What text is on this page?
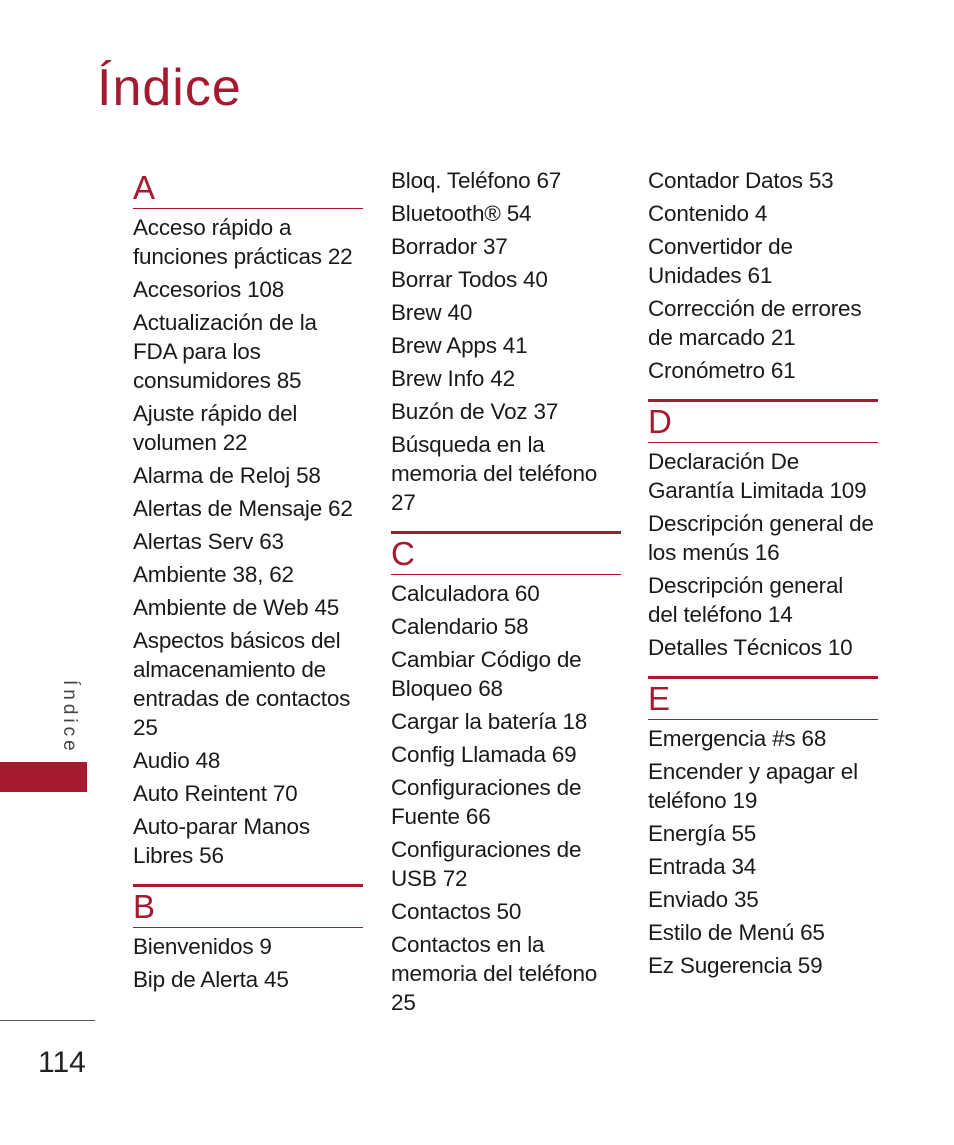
Índice
A
Acceso rápido a funciones prácticas 22
Accesorios 108
Actualización de la FDA para los consumidores 85
Ajuste rápido del volumen 22
Alarma de Reloj 58
Alertas de Mensaje 62
Alertas Serv 63
Ambiente 38, 62
Ambiente de Web 45
Aspectos básicos del almacenamiento de entradas de contactos 25
Audio 48
Auto Reintent 70
Auto-parar Manos Libres 56
B
Bienvenidos 9
Bip de Alerta 45
Bloq. Teléfono 67
Bluetooth® 54
Borrador 37
Borrar Todos 40
Brew 40
Brew Apps 41
Brew Info 42
Buzón de Voz 37
Búsqueda en la memoria del teléfono 27
C
Calculadora 60
Calendario 58
Cambiar Código de Bloqueo 68
Cargar la batería 18
Config Llamada 69
Configuraciones de Fuente 66
Configuraciones de USB 72
Contactos 50
Contactos en la memoria del teléfono 25
Contador Datos 53
Contenido 4
Convertidor de Unidades 61
Corrección de errores de marcado 21
Cronómetro 61
D
Declaración De Garantía Limitada 109
Descripción general de los menús 16
Descripción general del teléfono 14
Detalles Técnicos 10
E
Emergencia #s 68
Encender y apagar el teléfono 19
Energía 55
Entrada 34
Enviado 35
Estilo de Menú 65
Ez Sugerencia 59
Índice
114
